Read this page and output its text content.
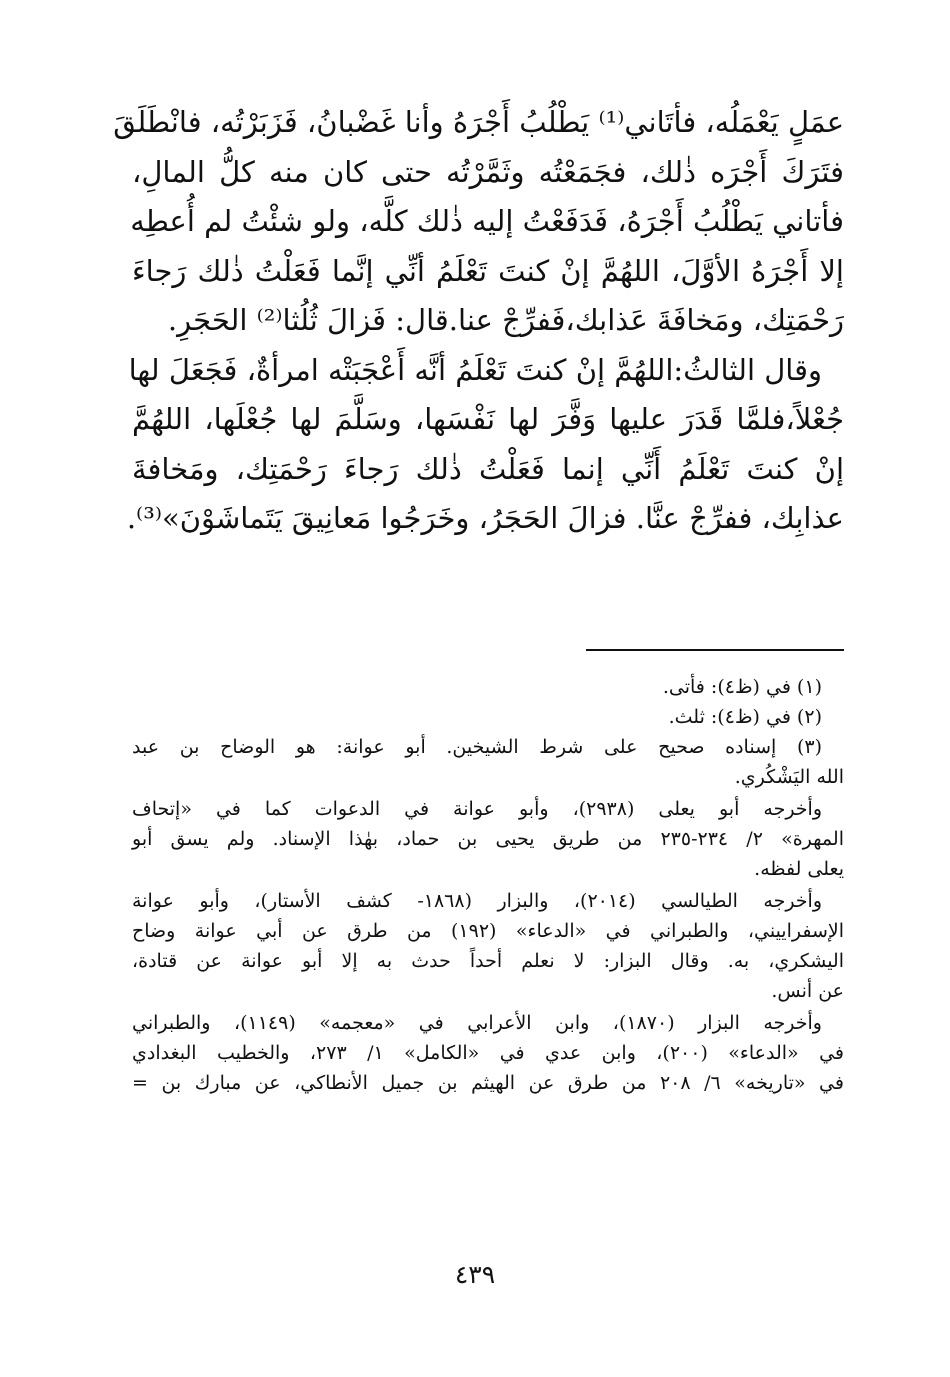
عمَلٍ يَعْمَلُه، فأتَاني⁽¹⁾ يَطْلُبُ أَجْرَهُ وأنا غَضْبانُ، فَزَبَرْتُه، فانْطَلَقَ
فتَرَكَ أَجْرَه ذٰلك، فجَمَعْتُه وثَمَّرْتُه حتى كان منه كلُّ المالِ،
فأتاني يَطْلُبُ أَجْرَهُ، فَدَفَعْتُ إليه ذٰلك كلَّه، ولو شئْتُ لم أُعطِه
إلا أَجْرَهُ الأوَّلَ، اللهُمَّ إنْ كنتَ تَعْلَمُ أنِّي إنَّما فَعَلْتُ ذٰلك رَجاءَ
رَحْمَتِك، ومَخافَةَ عَذابك،فَفرِّجْ عنا.قال: فَزالَ ثُلُثا⁽²⁾ الحَجَرِ.
وقال الثالثُ:اللهُمَّ إنْ كنتَ تَعْلَمُ أنَّه أَعْجَبَتْه امرأةٌ، فَجَعَلَ لها
جُعْلاً،فلمَّا قَدَرَ عليها وَفَّرَ لها نَفْسَها، وسَلَّمَ لها جُعْلَها، اللهُمَّ
إنْ كنتَ تَعْلَمُ أَنِّي إنما فَعَلْتُ ذٰلك رَجاءَ رَحْمَتِك، ومَخافةَ
عذابِك، ففرِّجْ عنَّا. فزالَ الحَجَرُ، وخَرَجُوا مَعانِيقَ يَتَماشَوْنَ»⁽³⁾.
(١) في (ظ٤): فأتى.
(٢) في (ظ٤): ثلث.
(٣) إسناده صحيح على شرط الشيخين. أبو عوانة: هو الوضاح بن عبد
الله اليَشْكُري.
وأخرجه أبو يعلى (٢٩٣٨)، وأبو عوانة في الدعوات كما في «إتحاف
المهرة» ٢/ ٢٣٤-٢٣٥ من طريق يحيى بن حماد، بهٰذا الإسناد. ولم يسق أبو
يعلى لفظه.
وأخرجه الطيالسي (٢٠١٤)، والبزار (١٨٦٨- كشف الأستار)، وأبو عوانة
الإسفراييني، والطبراني في «الدعاء» (١٩٢) من طرق عن أبي عوانة وضاح
اليشكري، به. وقال البزار: لا نعلم أحداً حدث به إلا أبو عوانة عن قتادة،
عن أنس.
وأخرجه البزار (١٨٧٠)، وابن الأعرابي في «معجمه» (١١٤٩)، والطبراني
في «الدعاء» (٢٠٠)، وابن عدي في «الكامل» ١/ ٢٧٣، والخطيب البغدادي
في «تاريخه» ٦/ ٢٠٨ من طرق عن الهيثم بن جميل الأنطاكي، عن مبارك بن =
٤٣٩
